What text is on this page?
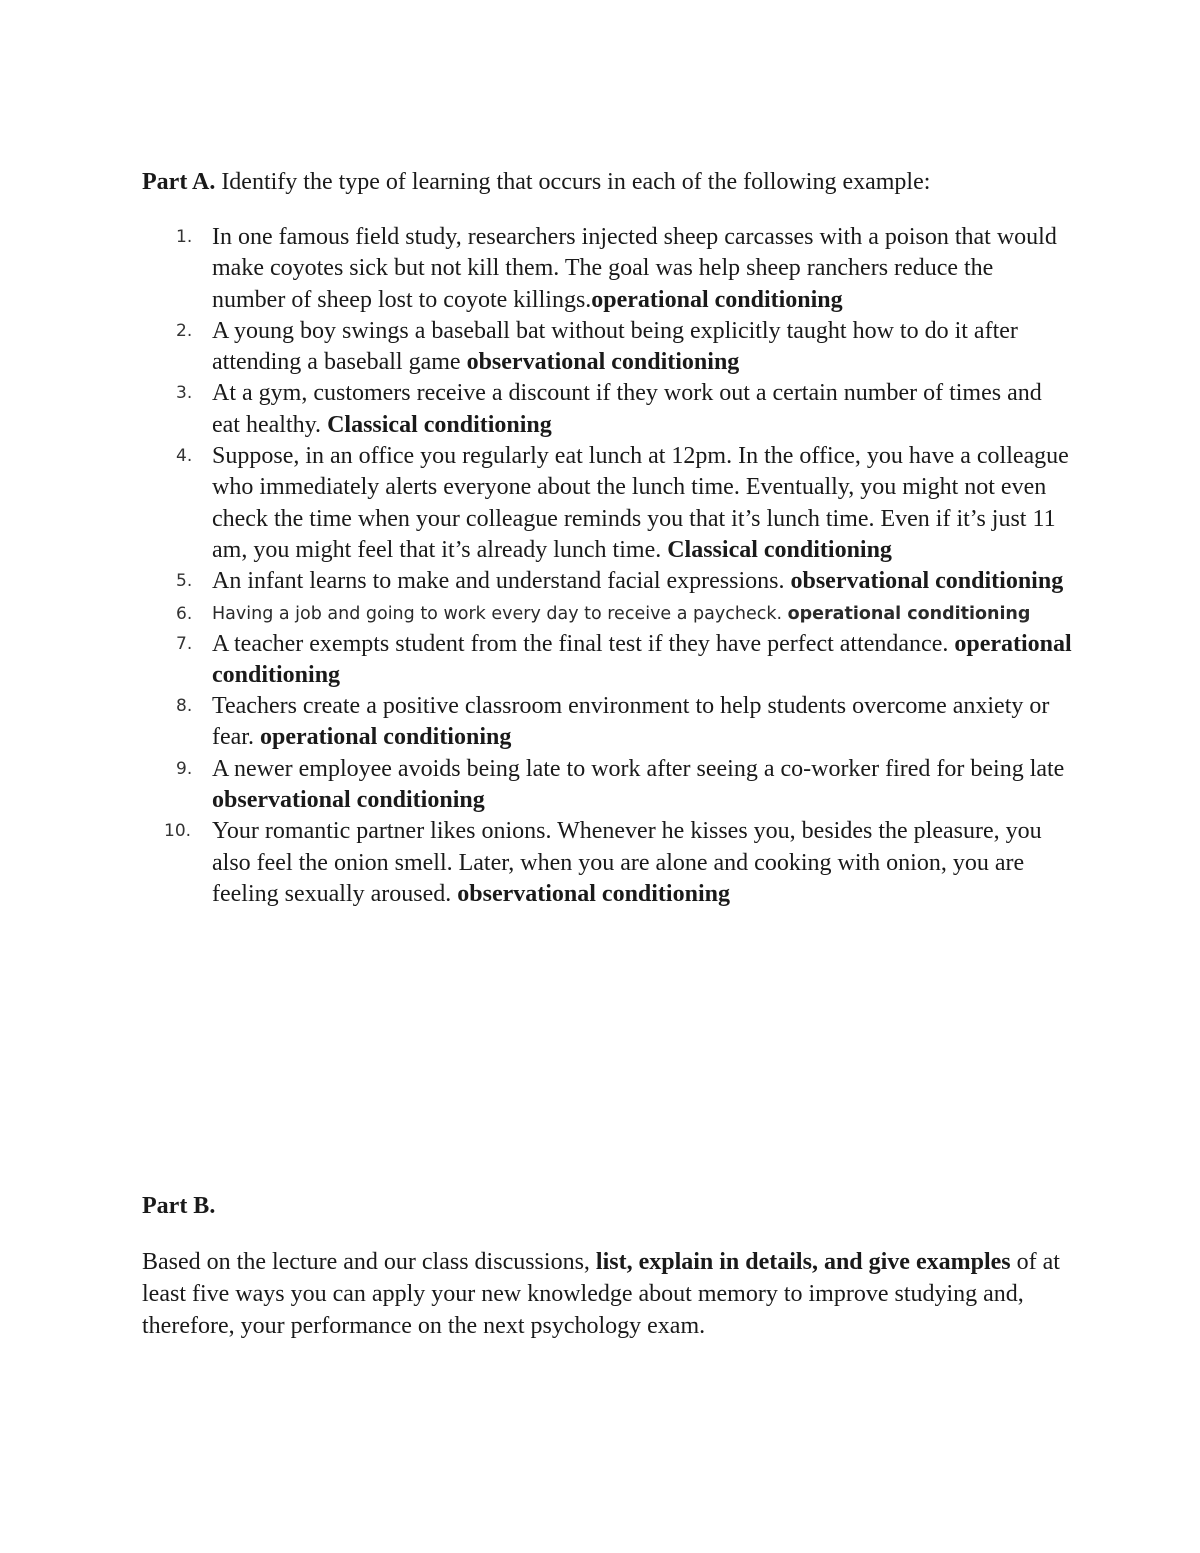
Part A. Identify the type of learning that occurs in each of the following example:

1. In one famous field study, researchers injected sheep carcasses with a poison that would make coyotes sick but not kill them. The goal was help sheep ranchers reduce the number of sheep lost to coyote killings.operational conditioning
2. A young boy swings a baseball bat without being explicitly taught how to do it after attending a baseball game observational conditioning
3. At a gym, customers receive a discount if they work out a certain number of times and eat healthy. Classical conditioning
4. Suppose, in an office you regularly eat lunch at 12pm. In the office, you have a colleague who immediately alerts everyone about the lunch time. Eventually, you might not even check the time when your colleague reminds you that it’s lunch time. Even if it’s just 11 am, you might feel that it’s already lunch time. Classical conditioning
5. An infant learns to make and understand facial expressions. observational conditioning
6.	Having a job and going to work every day to receive a paycheck. operational conditioning
7. A teacher exempts student from the final test if they have perfect attendance. operational conditioning
8. Teachers create a positive classroom environment to help students overcome anxiety or fear. operational conditioning
9. A newer employee avoids being late to work after seeing a co-worker fired for being late observational conditioning
10. Your romantic partner likes onions. Whenever he kisses you, besides the pleasure, you also feel the onion smell. Later, when you are alone and cooking with onion, you are feeling sexually aroused. observational conditioning

Part B.

Based on the lecture and our class discussions, list, explain in details, and give examples of at least five ways you can apply your new knowledge about memory to improve studying and, therefore, your performance on the next psychology exam.
